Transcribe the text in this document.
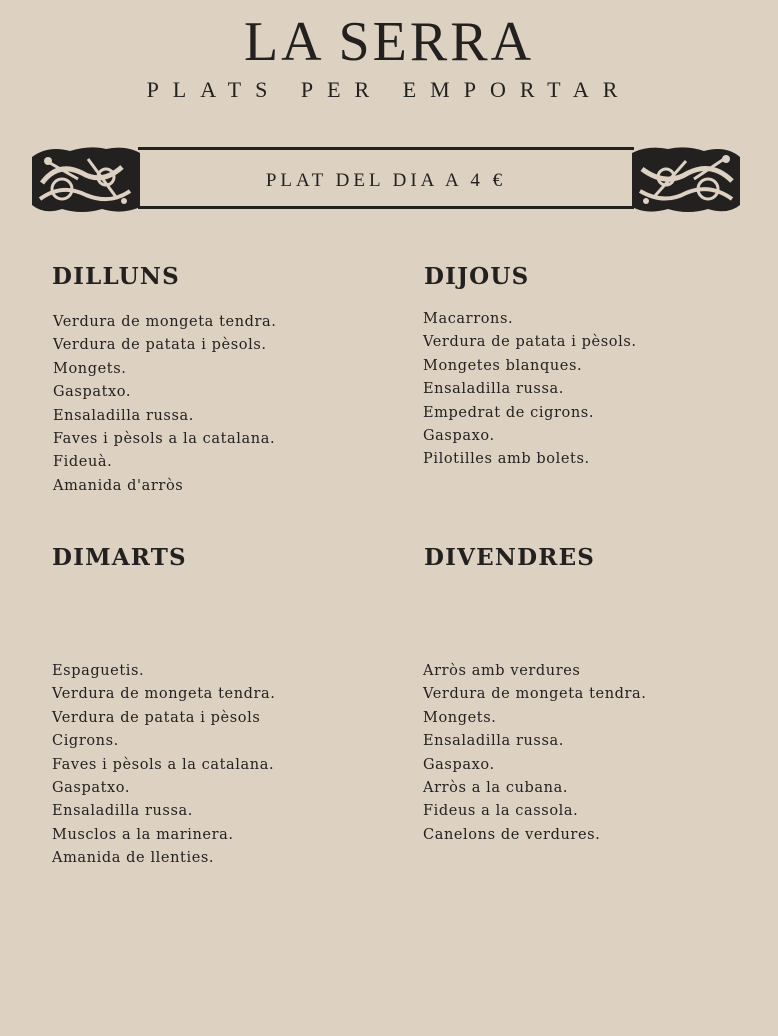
LA SERRA
PLATS PER EMPORTAR
PLAT DEL DIA A 4 €
DILLUNS
Verdura de mongeta tendra.
Verdura de patata i pèsols.
Mongets.
Gaspatxo.
Ensaladilla russa.
Faves i pèsols a la catalana.
Fideuà.
Amanida d'arròs
DIJOUS
Macarrons.
Verdura de patata i pèsols.
Mongetes blanques.
Ensaladilla russa.
Empedrat de cigrons.
Gaspaxo.
Pilotilles amb bolets.
DIMARTS
Espaguetis.
Verdura de mongeta tendra.
Verdura de patata i pèsols
Cigrons.
Faves i pèsols a la catalana.
Gaspatxo.
Ensaladilla russa.
Musclos a la marinera.
Amanida de llenties.
DIVENDRES
Arròs amb verdures
Verdura de mongeta tendra.
Mongets.
Ensaladilla russa.
Gaspaxo.
Arròs a la cubana.
Fideus a la cassola.
Canelons de verdures.
